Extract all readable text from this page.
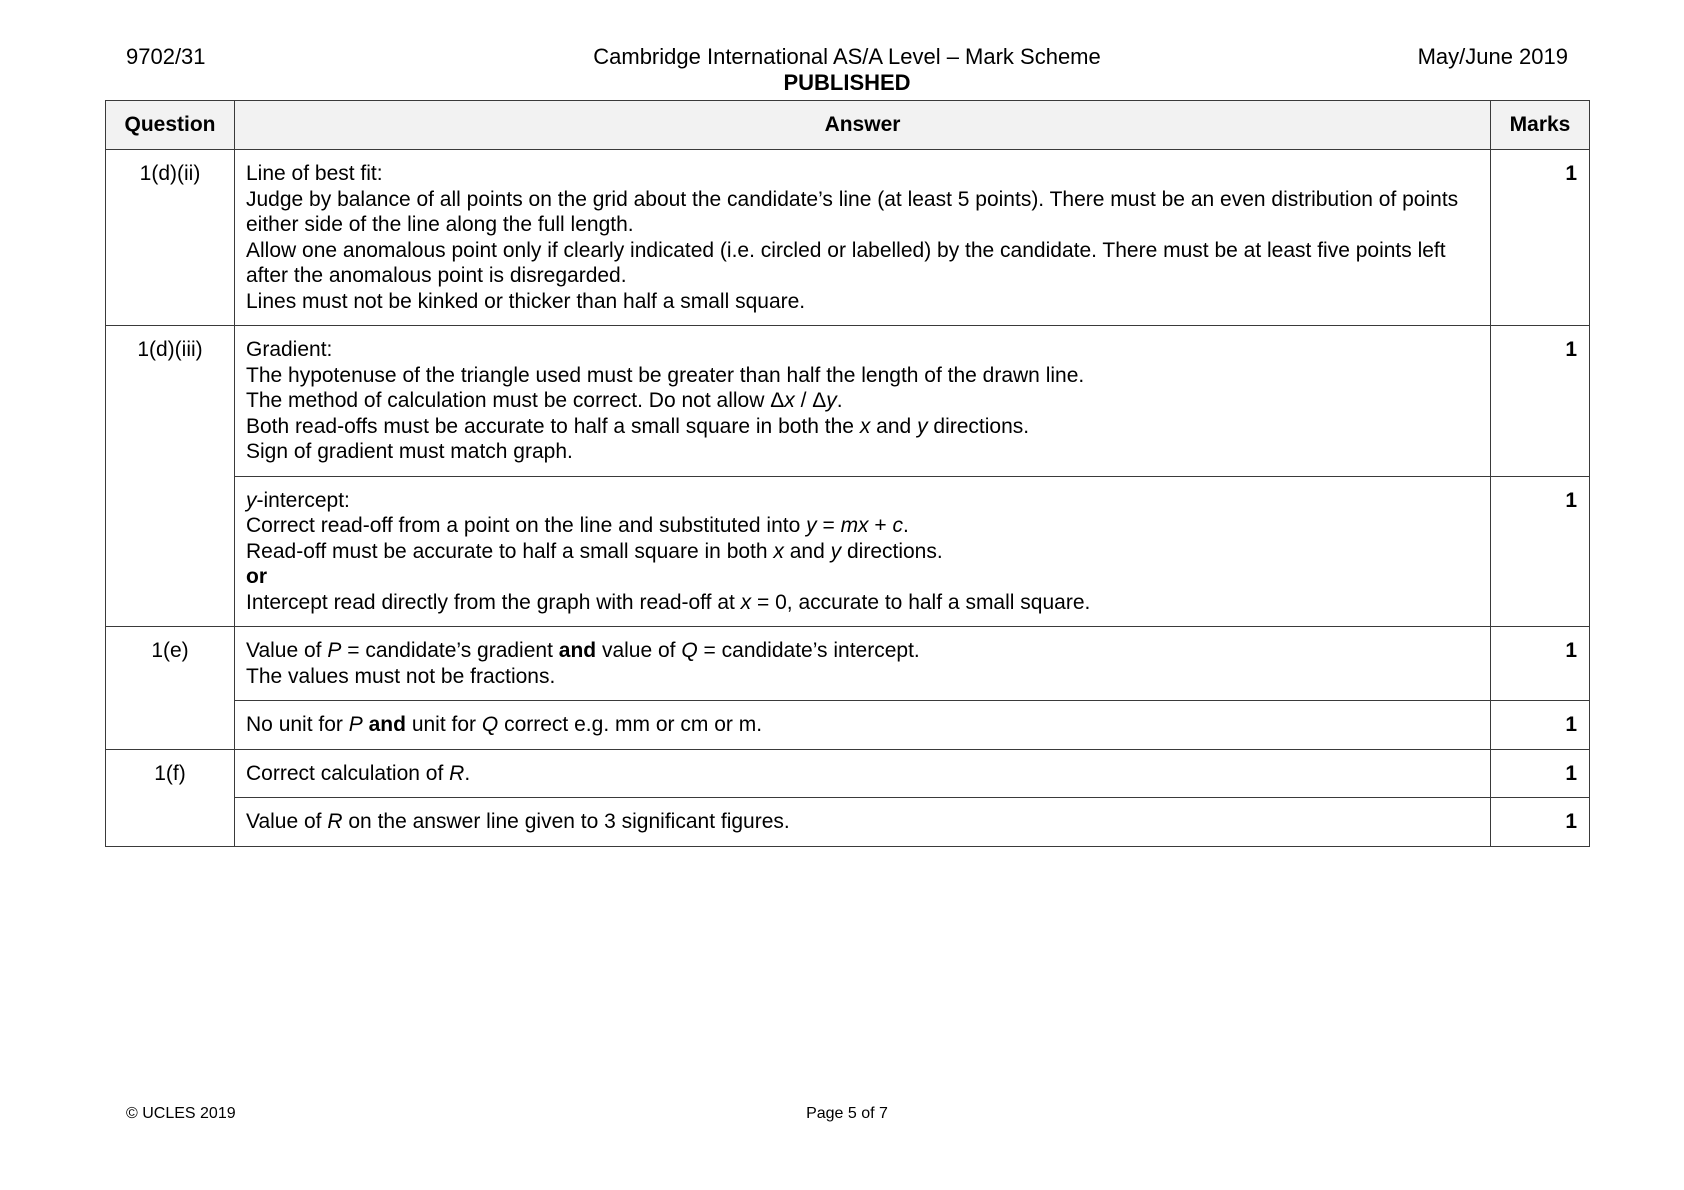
9702/31	Cambridge International AS/A Level – Mark Scheme
PUBLISHED
May/June 2019
Question	Answer	Marks
1(d)(ii)	Line of best fit:
Judge by balance of all points on the grid about the candidate’s line (at least 5 points). There must be an even distribution of points either side of the line along the full length.
Allow one anomalous point only if clearly indicated (i.e. circled or labelled) by the candidate. There must be at least five points left after the anomalous point is disregarded.
Lines must not be kinked or thicker than half a small square.	1
1(d)(iii)	Gradient:
The hypotenuse of the triangle used must be greater than half the length of the drawn line.
The method of calculation must be correct. Do not allow Δx / Δy.
Both read-offs must be accurate to half a small square in both the x and y directions.
Sign of gradient must match graph.	1

	y-intercept:
Correct read-off from a point on the line and substituted into y = mx + c.
Read-off must be accurate to half a small square in both x and y directions.
or
Intercept read directly from the graph with read-off at x = 0, accurate to half a small square.	1
1(e)	Value of P = candidate’s gradient and value of Q = candidate’s intercept.
The values must not be fractions.	1

	No unit for P and unit for Q correct e.g. mm or cm or m.	1
1(f)	Correct calculation of R.	1

	Value of R on the answer line given to 3 significant figures.	1
© UCLES 2019	Page 5 of 7
